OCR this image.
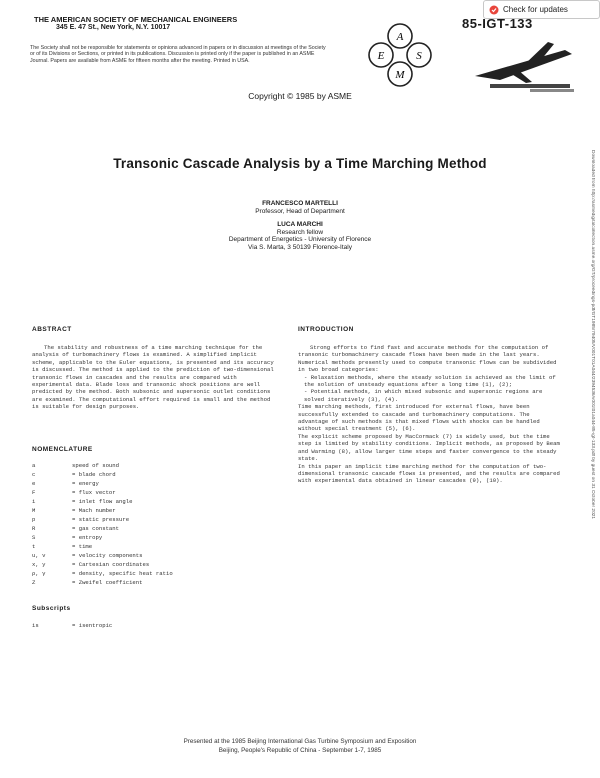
Check for updates
THE AMERICAN SOCIETY OF MECHANICAL ENGINEERS
345 E. 47 St., New York, N.Y. 10017
The Society shall not be responsible for statements or opinions advanced in papers or in discussion at meetings of the Society or of its Divisions or Sections, or printed in its publications. Discussion is printed only if the paper is published in an ASME Journal. Papers are available from ASME for fifteen months after the meeting. Printed in USA.
A
E	S
M
85-IGT-133
Copyright © 1985 by ASME
Transonic Cascade Analysis by a Time Marching Method
FRANCESCO MARTELLI
Professor, Head of Department
LUCA MARCHI
Research fellow
Department of Energetics - University of Florence
Via S. Marta, 3 50139 Florence-Italy
ABSTRACT
The stability and robustness of a time marching technique for the analysis of turbomachinery flows is examined. A simplified implicit scheme, applicable to the Euler equations, is presented and its accuracy is discussed. The method is applied to the prediction of two-dimensional transonic flows in cascades and the results are compared with experimental data. Blade loss and transonic shock positions are well predicted by the method. Both subsonic and supersonic outlet conditions are examined. The computational effort required is small and the method is suitable for design purposes.
NOMENCLATURE
a	speed of sound
c	= blade chord
e	= energy
F	= flux vector
i	= inlet flow angle
M	= Mach number
p	= static pressure
R	= gas constant
S	= entropy
t	= time
u, v	= velocity components
x, y	= Cartesian coordinates
ρ, γ	= density, specific heat ratio
Z	= Zweifel coefficient
Subscripts
is	= isentropic
INTRODUCTION
Strong efforts to find fast and accurate methods for the computation of transonic turbomachinery cascade flows have been made in the last years.
Numerical methods presently used to compute transonic flows can be subdivided in two broad categories:
- Relaxation methods, where the steady solution is achieved as the limit of the solution of unsteady equations after a long time (1), (2);
- Potential methods, in which mixed subsonic and supersonic regions are solved iteratively (3), (4).
Time marching methods, first introduced for external flows, have been successfully extended to cascade and turbomachinery computations. The advantage of such methods is that mixed flows with shocks can be handled without special treatment (5), (6).
The explicit scheme proposed by MacCormack (7) is widely used, but the time step is limited by stability conditions. Implicit methods, as proposed by Beam and Warming (8), allow larger time steps and faster convergence to the steady state.
In this paper an implicit time marching method for the computation of two-dimensional transonic cascade flows is presented, and the results are compared with experimental data obtained in linear cascades (9), (10).
Presented at the 1985 Beijing International Gas Turbine Symposium and Exposition
Beijing, People's Republic of China - September 1-7, 1985
Downloaded from http://asmedigitalcollection.asme.org/GT/proceedings-pdf/GT1985/79405/V001T01A044/2394536/v001t01a044-85-igt-133.pdf by guest on 31 October 2021
